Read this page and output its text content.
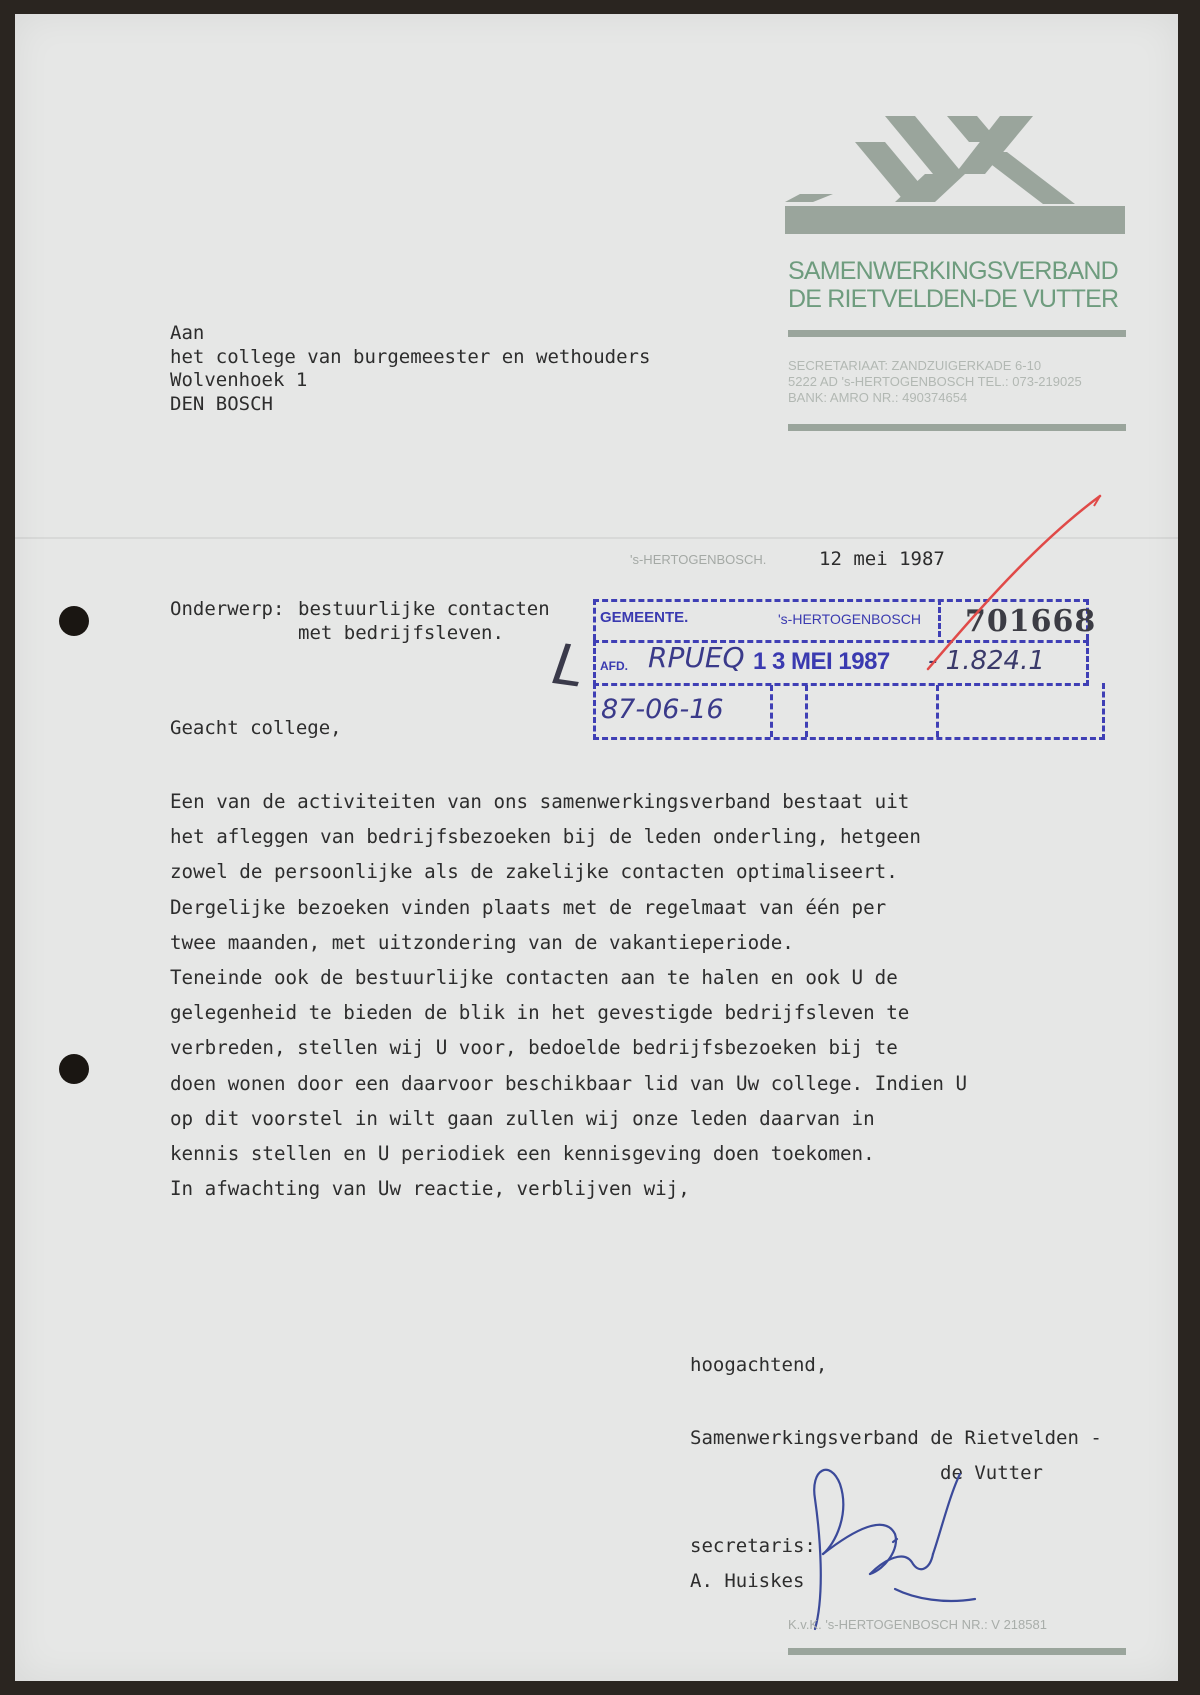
SAMENWERKINGSVERBAND
DE RIETVELDEN-DE VUTTER
SECRETARIAAT: ZANDZUIGERKADE 6-10
5222 AD 's-HERTOGENBOSCH TEL.: 073-219025
BANK: AMRO NR.: 490374654
Aan
het college van burgemeester en wethouders
Wolvenhoek 1
DEN BOSCH
's-HERTOGENBOSCH.	12 mei 1987
Onderwerp: bestuurlijke contacten
met bedrijfsleven.
GEMEENTE.	's-HERTOGENBOSCH 701668
AFD. RPUEQ 1 3 MEI 1987 - 1.824.1
87-06-16
L
Geacht college,
Een van de activiteiten van ons samenwerkingsverband bestaat uit
het afleggen van bedrijfsbezoeken bij de leden onderling, hetgeen
zowel de persoonlijke als de zakelijke contacten optimaliseert.
Dergelijke bezoeken vinden plaats met de regelmaat van één per
twee maanden, met uitzondering van de vakantieperiode.
Teneinde ook de bestuurlijke contacten aan te halen en ook U de
gelegenheid te bieden de blik in het gevestigde bedrijfsleven te
verbreden, stellen wij U voor, bedoelde bedrijfsbezoeken bij te
doen wonen door een daarvoor beschikbaar lid van Uw college. Indien U
op dit voorstel in wilt gaan zullen wij onze leden daarvan in
kennis stellen en U periodiek een kennisgeving doen toekomen.
In afwachting van Uw reactie, verblijven wij,
hoogachtend,
Samenwerkingsverband de Rietvelden -
de Vutter
secretaris:
A. Huiskes
K.v.K. 's-HERTOGENBOSCH NR.: V 218581
